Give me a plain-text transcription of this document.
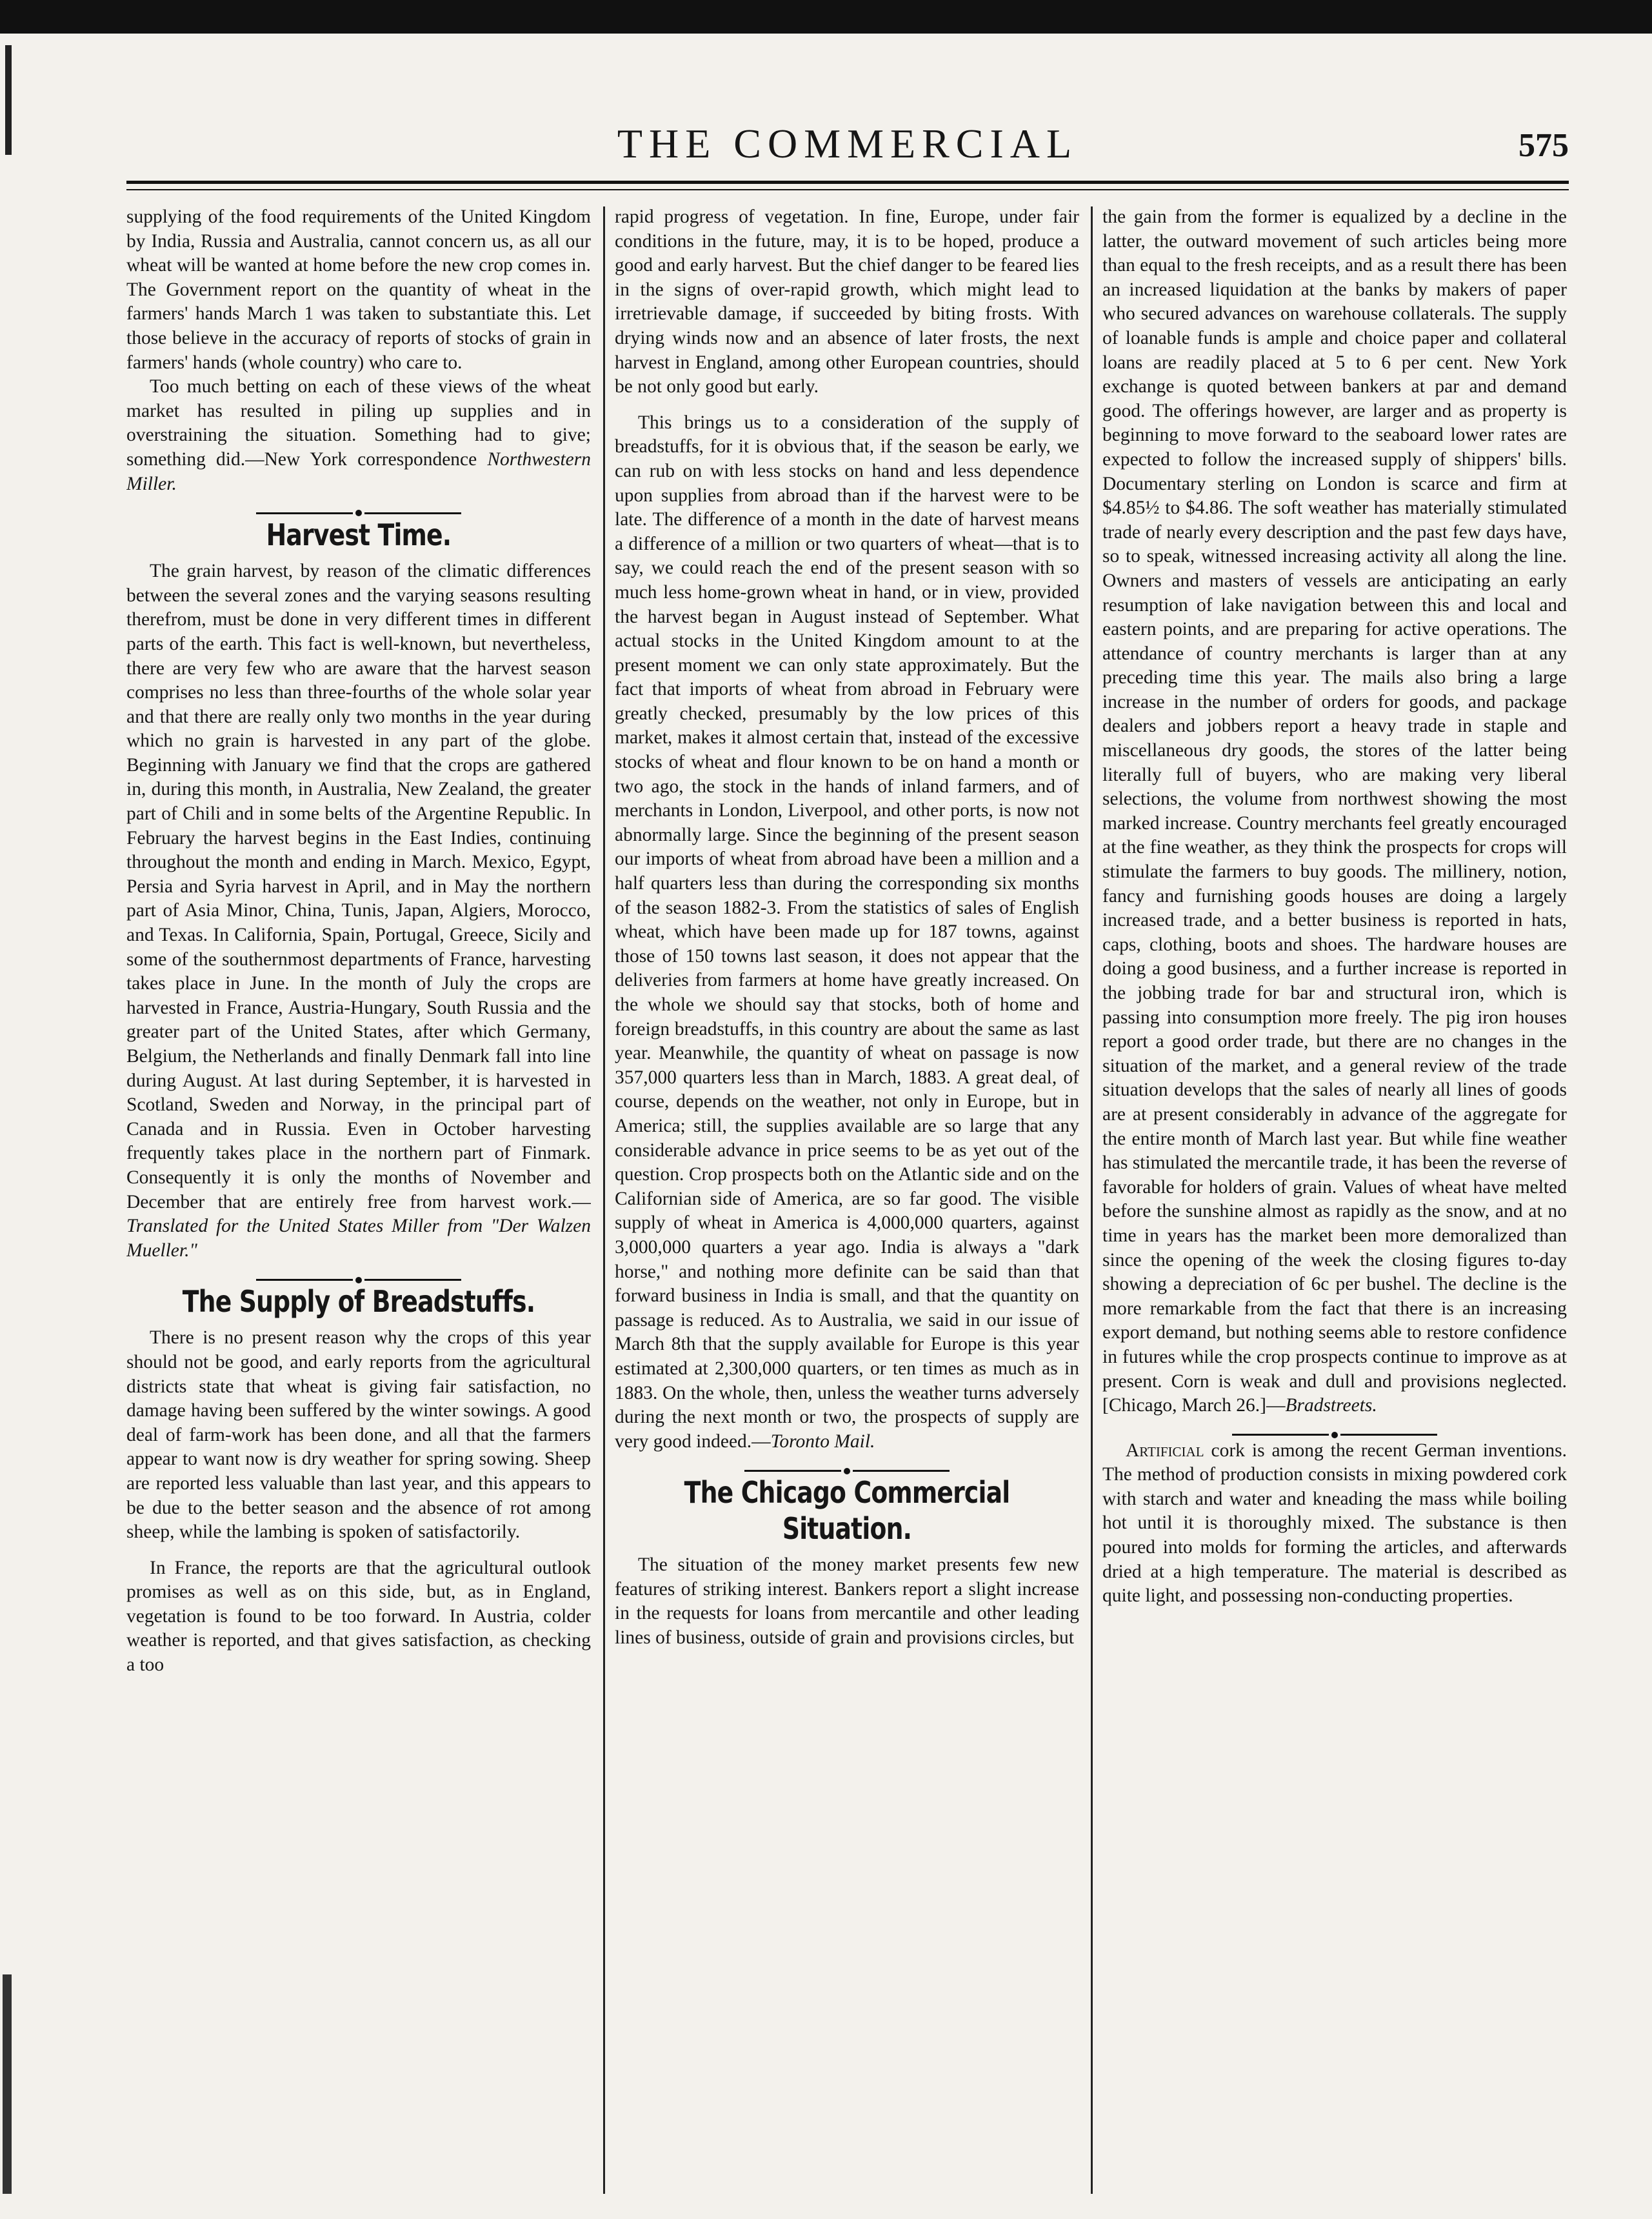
THE COMMERCIAL	575

supplying of the food requirements of the United Kingdom by India, Russia and Australia, cannot concern us, as all our wheat will be wanted at home before the new crop comes in. The Government report on the quantity of wheat in the farmers' hands March 1 was taken to substantiate this. Let those believe in the accuracy of reports of stocks of grain in farmers' hands (whole country) who care to.

Too much betting on each of these views of the wheat market has resulted in piling up supplies and in overstraining the situation. Something had to give; something did.—New York correspondence Northwestern Miller.

Harvest Time.

The grain harvest, by reason of the climatic differences between the several zones and the varying seasons resulting therefrom, must be done in very different times in different parts of the earth. This fact is well-known, but nevertheless, there are very few who are aware that the harvest season comprises no less than three-fourths of the whole solar year and that there are really only two months in the year during which no grain is harvested in any part of the globe. Beginning with January we find that the crops are gathered in, during this month, in Australia, New Zealand, the greater part of Chili and in some belts of the Argentine Republic. In February the harvest begins in the East Indies, continuing throughout the month and ending in March. Mexico, Egypt, Persia and Syria harvest in April, and in May the northern part of Asia Minor, China, Tunis, Japan, Algiers, Morocco, and Texas. In California, Spain, Portugal, Greece, Sicily and some of the southernmost departments of France, harvesting takes place in June. In the month of July the crops are harvested in France, Austria-Hungary, South Russia and the greater part of the United States, after which Germany, Belgium, the Netherlands and finally Denmark fall into line during August. At last during September, it is harvested in Scotland, Sweden and Norway, in the principal part of Canada and in Russia. Even in October harvesting frequently takes place in the northern part of Finmark. Consequently it is only the months of November and December that are entirely free from harvest work.—Translated for the United States Miller from "Der Walzen Mueller."

The Supply of Breadstuffs.

There is no present reason why the crops of this year should not be good, and early reports from the agricultural districts state that wheat is giving fair satisfaction, no damage having been suffered by the winter sowings. A good deal of farm-work has been done, and all that the farmers appear to want now is dry weather for spring sowing. Sheep are reported less valuable than last year, and this appears to be due to the better season and the absence of rot among sheep, while the lambing is spoken of satisfactorily.

In France, the reports are that the agricultural outlook promises as well as on this side, but, as in England, vegetation is found to be too forward. In Austria, colder weather is reported, and that gives satisfaction, as checking a too

rapid progress of vegetation. In fine, Europe, under fair conditions in the future, may, it is to be hoped, produce a good and early harvest. But the chief danger to be feared lies in the signs of over-rapid growth, which might lead to irretrievable damage, if succeeded by biting frosts. With drying winds now and an absence of later frosts, the next harvest in England, among other European countries, should be not only good but early.

This brings us to a consideration of the supply of breadstuffs, for it is obvious that, if the season be early, we can rub on with less stocks on hand and less dependence upon supplies from abroad than if the harvest were to be late. The difference of a month in the date of harvest means a difference of a million or two quarters of wheat—that is to say, we could reach the end of the present season with so much less home-grown wheat in hand, or in view, provided the harvest began in August instead of September. What actual stocks in the United Kingdom amount to at the present moment we can only state approximately. But the fact that imports of wheat from abroad in February were greatly checked, presumably by the low prices of this market, makes it almost certain that, instead of the excessive stocks of wheat and flour known to be on hand a month or two ago, the stock in the hands of inland farmers, and of merchants in London, Liverpool, and other ports, is now not abnormally large. Since the beginning of the present season our imports of wheat from abroad have been a million and a half quarters less than during the corresponding six months of the season 1882-3. From the statistics of sales of English wheat, which have been made up for 187 towns, against those of 150 towns last season, it does not appear that the deliveries from farmers at home have greatly increased. On the whole we should say that stocks, both of home and foreign breadstuffs, in this country are about the same as last year. Meanwhile, the quantity of wheat on passage is now 357,000 quarters less than in March, 1883. A great deal, of course, depends on the weather, not only in Europe, but in America; still, the supplies available are so large that any considerable advance in price seems to be as yet out of the question. Crop prospects both on the Atlantic side and on the Californian side of America, are so far good. The visible supply of wheat in America is 4,000,000 quarters, against 3,000,000 quarters a year ago. India is always a "dark horse," and nothing more definite can be said than that forward business in India is small, and that the quantity on passage is reduced. As to Australia, we said in our issue of March 8th that the supply available for Europe is this year estimated at 2,300,000 quarters, or ten times as much as in 1883. On the whole, then, unless the weather turns adversely during the next month or two, the prospects of supply are very good indeed.—Toronto Mail.

The Chicago Commercial Situation.

The situation of the money market presents few new features of striking interest. Bankers report a slight increase in the requests for loans from mercantile and other leading lines of business, outside of grain and provisions circles, but

the gain from the former is equalized by a decline in the latter, the outward movement of such articles being more than equal to the fresh receipts, and as a result there has been an increased liquidation at the banks by makers of paper who secured advances on warehouse collaterals. The supply of loanable funds is ample and choice paper and collateral loans are readily placed at 5 to 6 per cent. New York exchange is quoted between bankers at par and demand good. The offerings however, are larger and as property is beginning to move forward to the seaboard lower rates are expected to follow the increased supply of shippers' bills. Documentary sterling on London is scarce and firm at $4.85½ to $4.86. The soft weather has materially stimulated trade of nearly every description and the past few days have, so to speak, witnessed increasing activity all along the line. Owners and masters of vessels are anticipating an early resumption of lake navigation between this and local and eastern points, and are preparing for active operations. The attendance of country merchants is larger than at any preceding time this year. The mails also bring a large increase in the number of orders for goods, and package dealers and jobbers report a heavy trade in staple and miscellaneous dry goods, the stores of the latter being literally full of buyers, who are making very liberal selections, the volume from northwest showing the most marked increase. Country merchants feel greatly encouraged at the fine weather, as they think the prospects for crops will stimulate the farmers to buy goods. The millinery, notion, fancy and furnishing goods houses are doing a largely increased trade, and a better business is reported in hats, caps, clothing, boots and shoes. The hardware houses are doing a good business, and a further increase is reported in the jobbing trade for bar and structural iron, which is passing into consumption more freely. The pig iron houses report a good order trade, but there are no changes in the situation of the market, and a general review of the trade situation develops that the sales of nearly all lines of goods are at present considerably in advance of the aggregate for the entire month of March last year. But while fine weather has stimulated the mercantile trade, it has been the reverse of favorable for holders of grain. Values of wheat have melted before the sunshine almost as rapidly as the snow, and at no time in years has the market been more demoralized than since the opening of the week the closing figures to-day showing a depreciation of 6c per bushel. The decline is the more remarkable from the fact that there is an increasing export demand, but nothing seems able to restore confidence in futures while the crop prospects continue to improve as at present. Corn is weak and dull and provisions neglected. [Chicago, March 26.]—Bradstreets.

Artificial cork is among the recent German inventions. The method of production consists in mixing powdered cork with starch and water and kneading the mass while boiling hot until it is thoroughly mixed. The substance is then poured into molds for forming the articles, and afterwards dried at a high temperature. The material is described as quite light, and possessing non-conducting properties.
